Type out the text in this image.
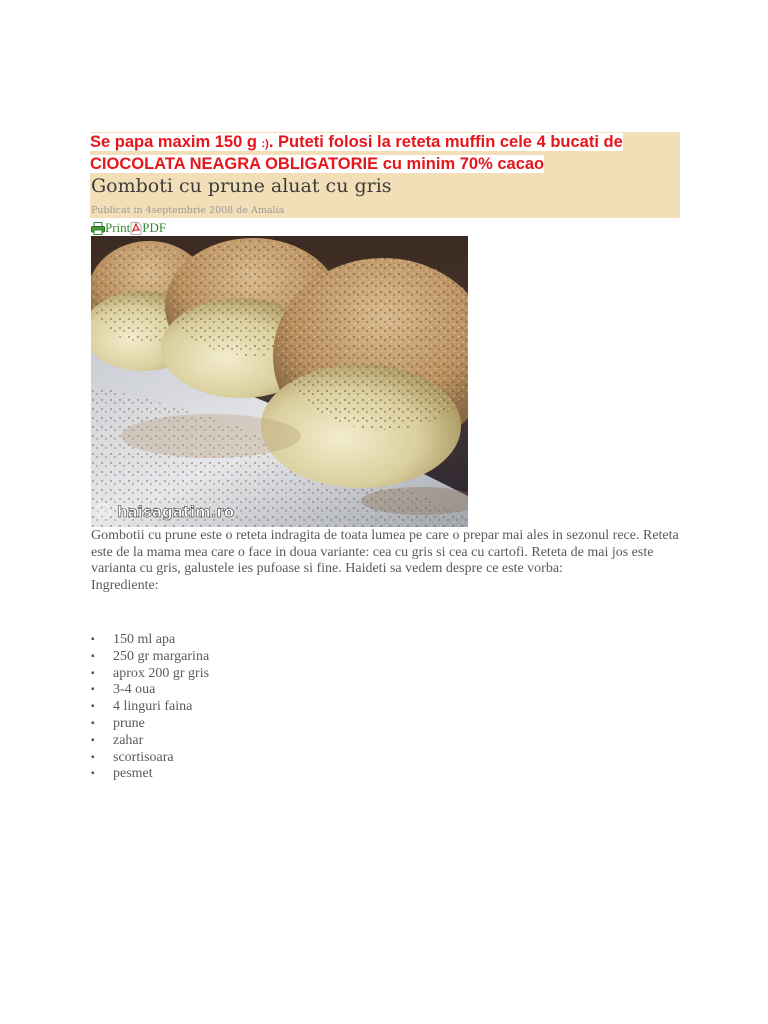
Se papa maxim 150 g :). Puteti folosi la reteta muffin cele 4 bucati de
CIOCOLATA NEAGRA OBLIGATORIE cu minim 70% cacao
Gomboti cu prune aluat cu gris
Publicat in 4septembrie 2008 de Amalia
Print PDF
© haisagatim.ro

Gombotii cu prune este o reteta indragita de toata lumea pe care o prepar mai ales in sezonul rece. Reteta este de la mama mea care o face in doua variante: cea cu gris si cea cu cartofi. Reteta de mai jos este varianta cu gris, galustele ies pufoase si fine. Haideti sa vedem despre ce este vorba:

Ingrediente:

▪ 150 ml apa
▪ 250 gr margarina
▪ aprox 200 gr gris
▪ 3-4 oua
▪ 4 linguri faina
▪ prune
▪ zahar
▪ scortisoara
▪ pesmet
